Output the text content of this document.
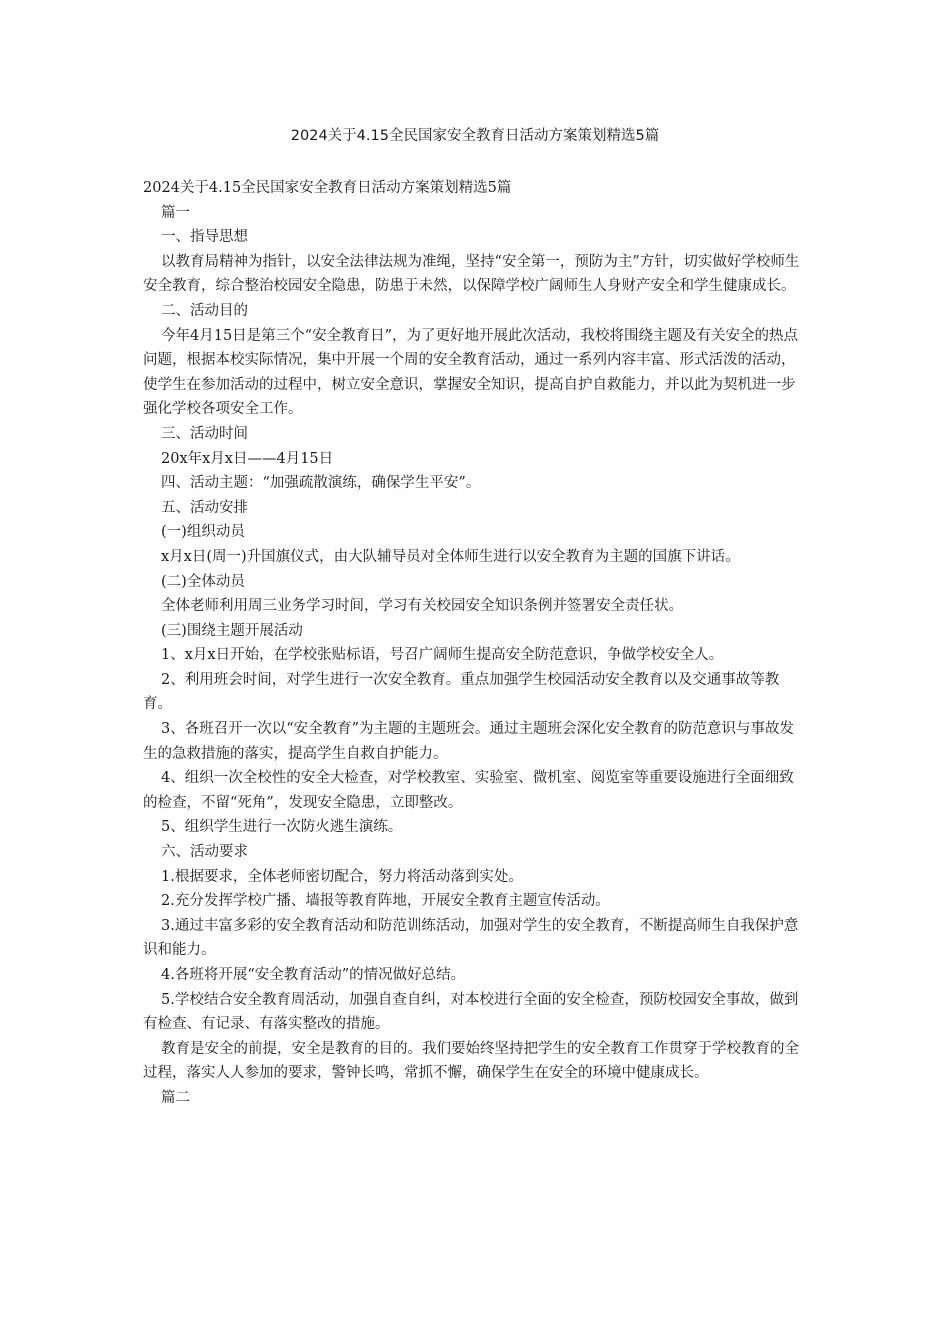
2024关于4.15全民国家安全教育日活动方案策划精选5篇

2024关于4.15全民国家安全教育日活动方案策划精选5篇

篇一

一、指导思想

以教育局精神为指针，以安全法律法规为准绳，坚持“安全第一，预防为主”方针，切实做好学校师生安全教育，综合整治校园安全隐患，防患于未然，以保障学校广阔师生人身财产安全和学生健康成长。

二、活动目的

今年4月15日是第三个“安全教育日”，为了更好地开展此次活动，我校将围绕主题及有关安全的热点问题，根据本校实际情况，集中开展一个周的安全教育活动，通过一系列内容丰富、形式活泼的活动，使学生在参加活动的过程中，树立安全意识，掌握安全知识，提高自护自救能力，并以此为契机进一步强化学校各项安全工作。

三、活动时间

20x年x月x日——4月15日

四、活动主题：“加强疏散演练，确保学生平安”。

五、活动安排

(一)组织动员

x月x日(周一)升国旗仪式，由大队辅导员对全体师生进行以安全教育为主题的国旗下讲话。

(二)全体动员

全体老师利用周三业务学习时间，学习有关校园安全知识条例并签署安全责任状。

(三)围绕主题开展活动

1、x月x日开始，在学校张贴标语，号召广阔师生提高安全防范意识，争做学校安全人。

2、利用班会时间，对学生进行一次安全教育。重点加强学生校园活动安全教育以及交通事故等教育。

3、各班召开一次以“安全教育”为主题的主题班会。通过主题班会深化安全教育的防范意识与事故发生的急救措施的落实，提高学生自救自护能力。

4、组织一次全校性的安全大检查，对学校教室、实验室、微机室、阅览室等重要设施进行全面细致的检查，不留“死角”，发现安全隐患，立即整改。

5、组织学生进行一次防火逃生演练。

六、活动要求

1.根据要求，全体老师密切配合，努力将活动落到实处。

2.充分发挥学校广播、墙报等教育阵地，开展安全教育主题宣传活动。

3.通过丰富多彩的安全教育活动和防范训练活动，加强对学生的安全教育，不断提高师生自我保护意识和能力。

4.各班将开展“安全教育活动”的情况做好总结。

5.学校结合安全教育周活动，加强自查自纠，对本校进行全面的安全检查，预防校园安全事故，做到有检查、有记录、有落实整改的措施。

教育是安全的前提，安全是教育的目的。我们要始终坚持把学生的安全教育工作贯穿于学校教育的全过程，落实人人参加的要求，警钟长鸣，常抓不懈，确保学生在安全的环境中健康成长。

篇二
